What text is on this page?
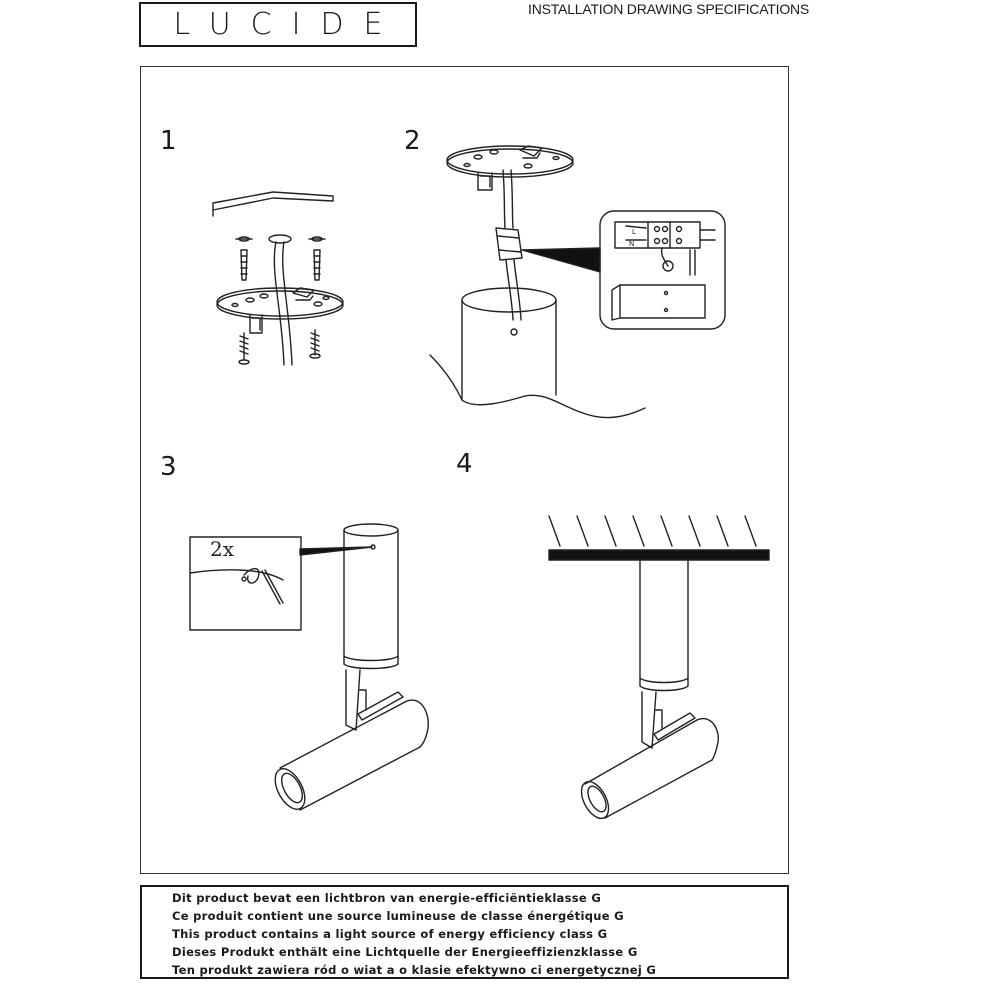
LUCIDE	INSTALLATION DRAWING SPECIFICATIONS
1	2
3	4
2x
L
N
Dit product bevat een lichtbron van energie-efficiëntieklasse G
Ce produit contient une source lumineuse de classe énergétique G
This product contains a light source of energy efficiency class G
Dieses Produkt enthält eine Lichtquelle der Energieeffizienzklasse G
Ten produkt zawiera ród o wiat a o klasie efektywno ci energetycznej G
